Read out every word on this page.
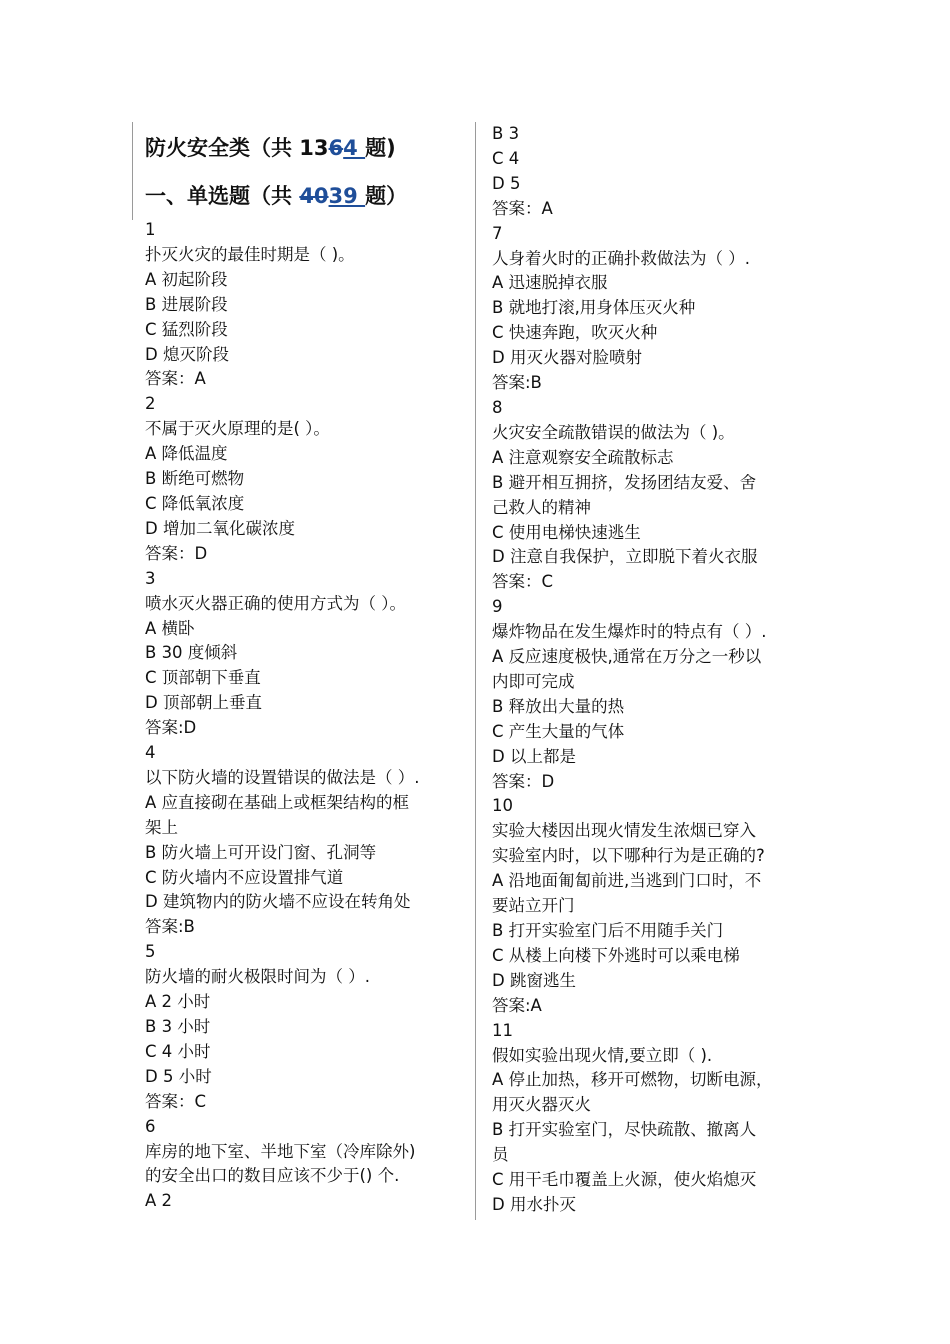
防火安全类（共 1364 题)
一、单选题（共 4039 题）
1
扑灭火灾的最佳时期是（ )。
A 初起阶段
B 进展阶段
C 猛烈阶段
D 熄灭阶段
答案：A
2
不属于灭火原理的是( ）。
A 降低温度
B 断绝可燃物
C 降低氧浓度
D 增加二氧化碳浓度
答案：D
3
喷水灭火器正确的使用方式为（ ）。
A 横卧
B 30 度倾斜
C 顶部朝下垂直
D 顶部朝上垂直
答案:D
4
以下防火墙的设置错误的做法是（ ）.
A 应直接砌在基础上或框架结构的框
架上
B 防火墙上可开设门窗、孔洞等
C 防火墙内不应设置排气道
D 建筑物内的防火墙不应设在转角处
答案:B
5
防火墙的耐火极限时间为（ ）.
A 2 小时
B 3 小时
C 4 小时
D 5 小时
答案：C
6
库房的地下室、半地下室（冷库除外)
的安全出口的数目应该不少于() 个.
A 2
B 3
C 4
D 5
答案：A
7
人身着火时的正确扑救做法为（ ）.
A 迅速脱掉衣服
B 就地打滚,用身体压灭火种
C 快速奔跑，吹灭火种
D 用灭火器对脸喷射
答案:B
8
火灾安全疏散错误的做法为（ )。
A 注意观察安全疏散标志
B 避开相互拥挤，发扬团结友爱、舍
己救人的精神
C 使用电梯快速逃生
D 注意自我保护，立即脱下着火衣服
答案：C
9
爆炸物品在发生爆炸时的特点有（ ）.
A 反应速度极快,通常在万分之一秒以
内即可完成
B 释放出大量的热
C 产生大量的气体
D 以上都是
答案：D
10
实验大楼因出现火情发生浓烟已穿入
实验室内时，以下哪种行为是正确的?
A 沿地面匍匐前进,当逃到门口时，不
要站立开门
B 打开实验室门后不用随手关门
C 从楼上向楼下外逃时可以乘电梯
D 跳窗逃生
答案:A
11
假如实验出现火情,要立即（ ).
A 停止加热，移开可燃物，切断电源，
用灭火器灭火
B 打开实验室门，尽快疏散、撤离人
员
C 用干毛巾覆盖上火源，使火焰熄灭
D 用水扑灭
